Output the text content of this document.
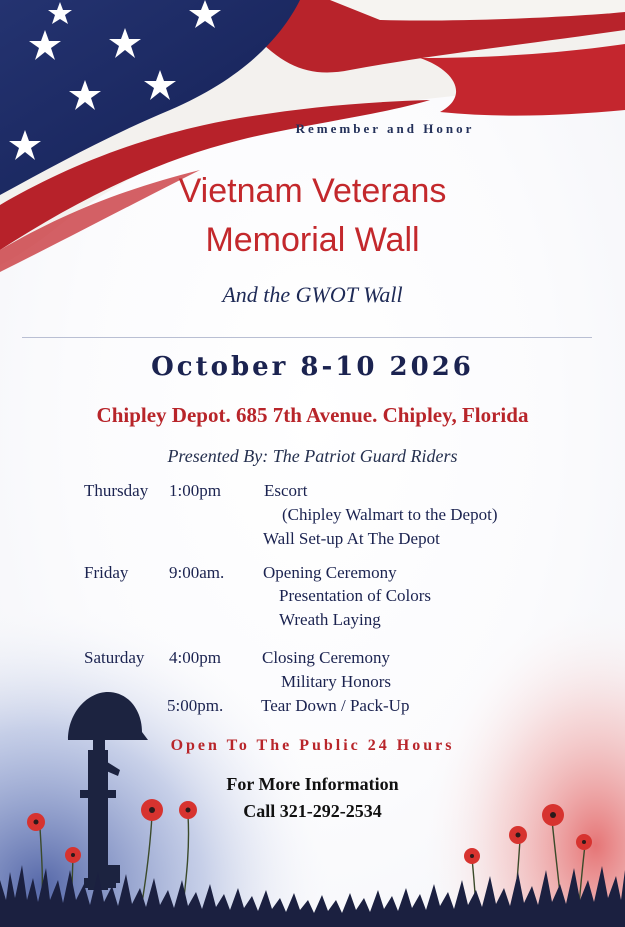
Remember and Honor

Vietnam Veterans

Memorial Wall

And the GWOT Wall

October 8-10 2026

Chipley Depot. 685 7th Avenue. Chipley, Florida

Presented By: The Patriot Guard Riders

Thursday 1:00pm	Escort
(Chipley Walmart to the Depot)
Wall Set-up At The Depot
Friday 9:00am. Opening Ceremony
Presentation of Colors
Wreath Laying
Saturday 4:00pm Closing Ceremony
Military Honors
5:00pm. Tear Down / Pack-Up

Open To The Public 24 Hours

For More Information

Call 321-292-2534
